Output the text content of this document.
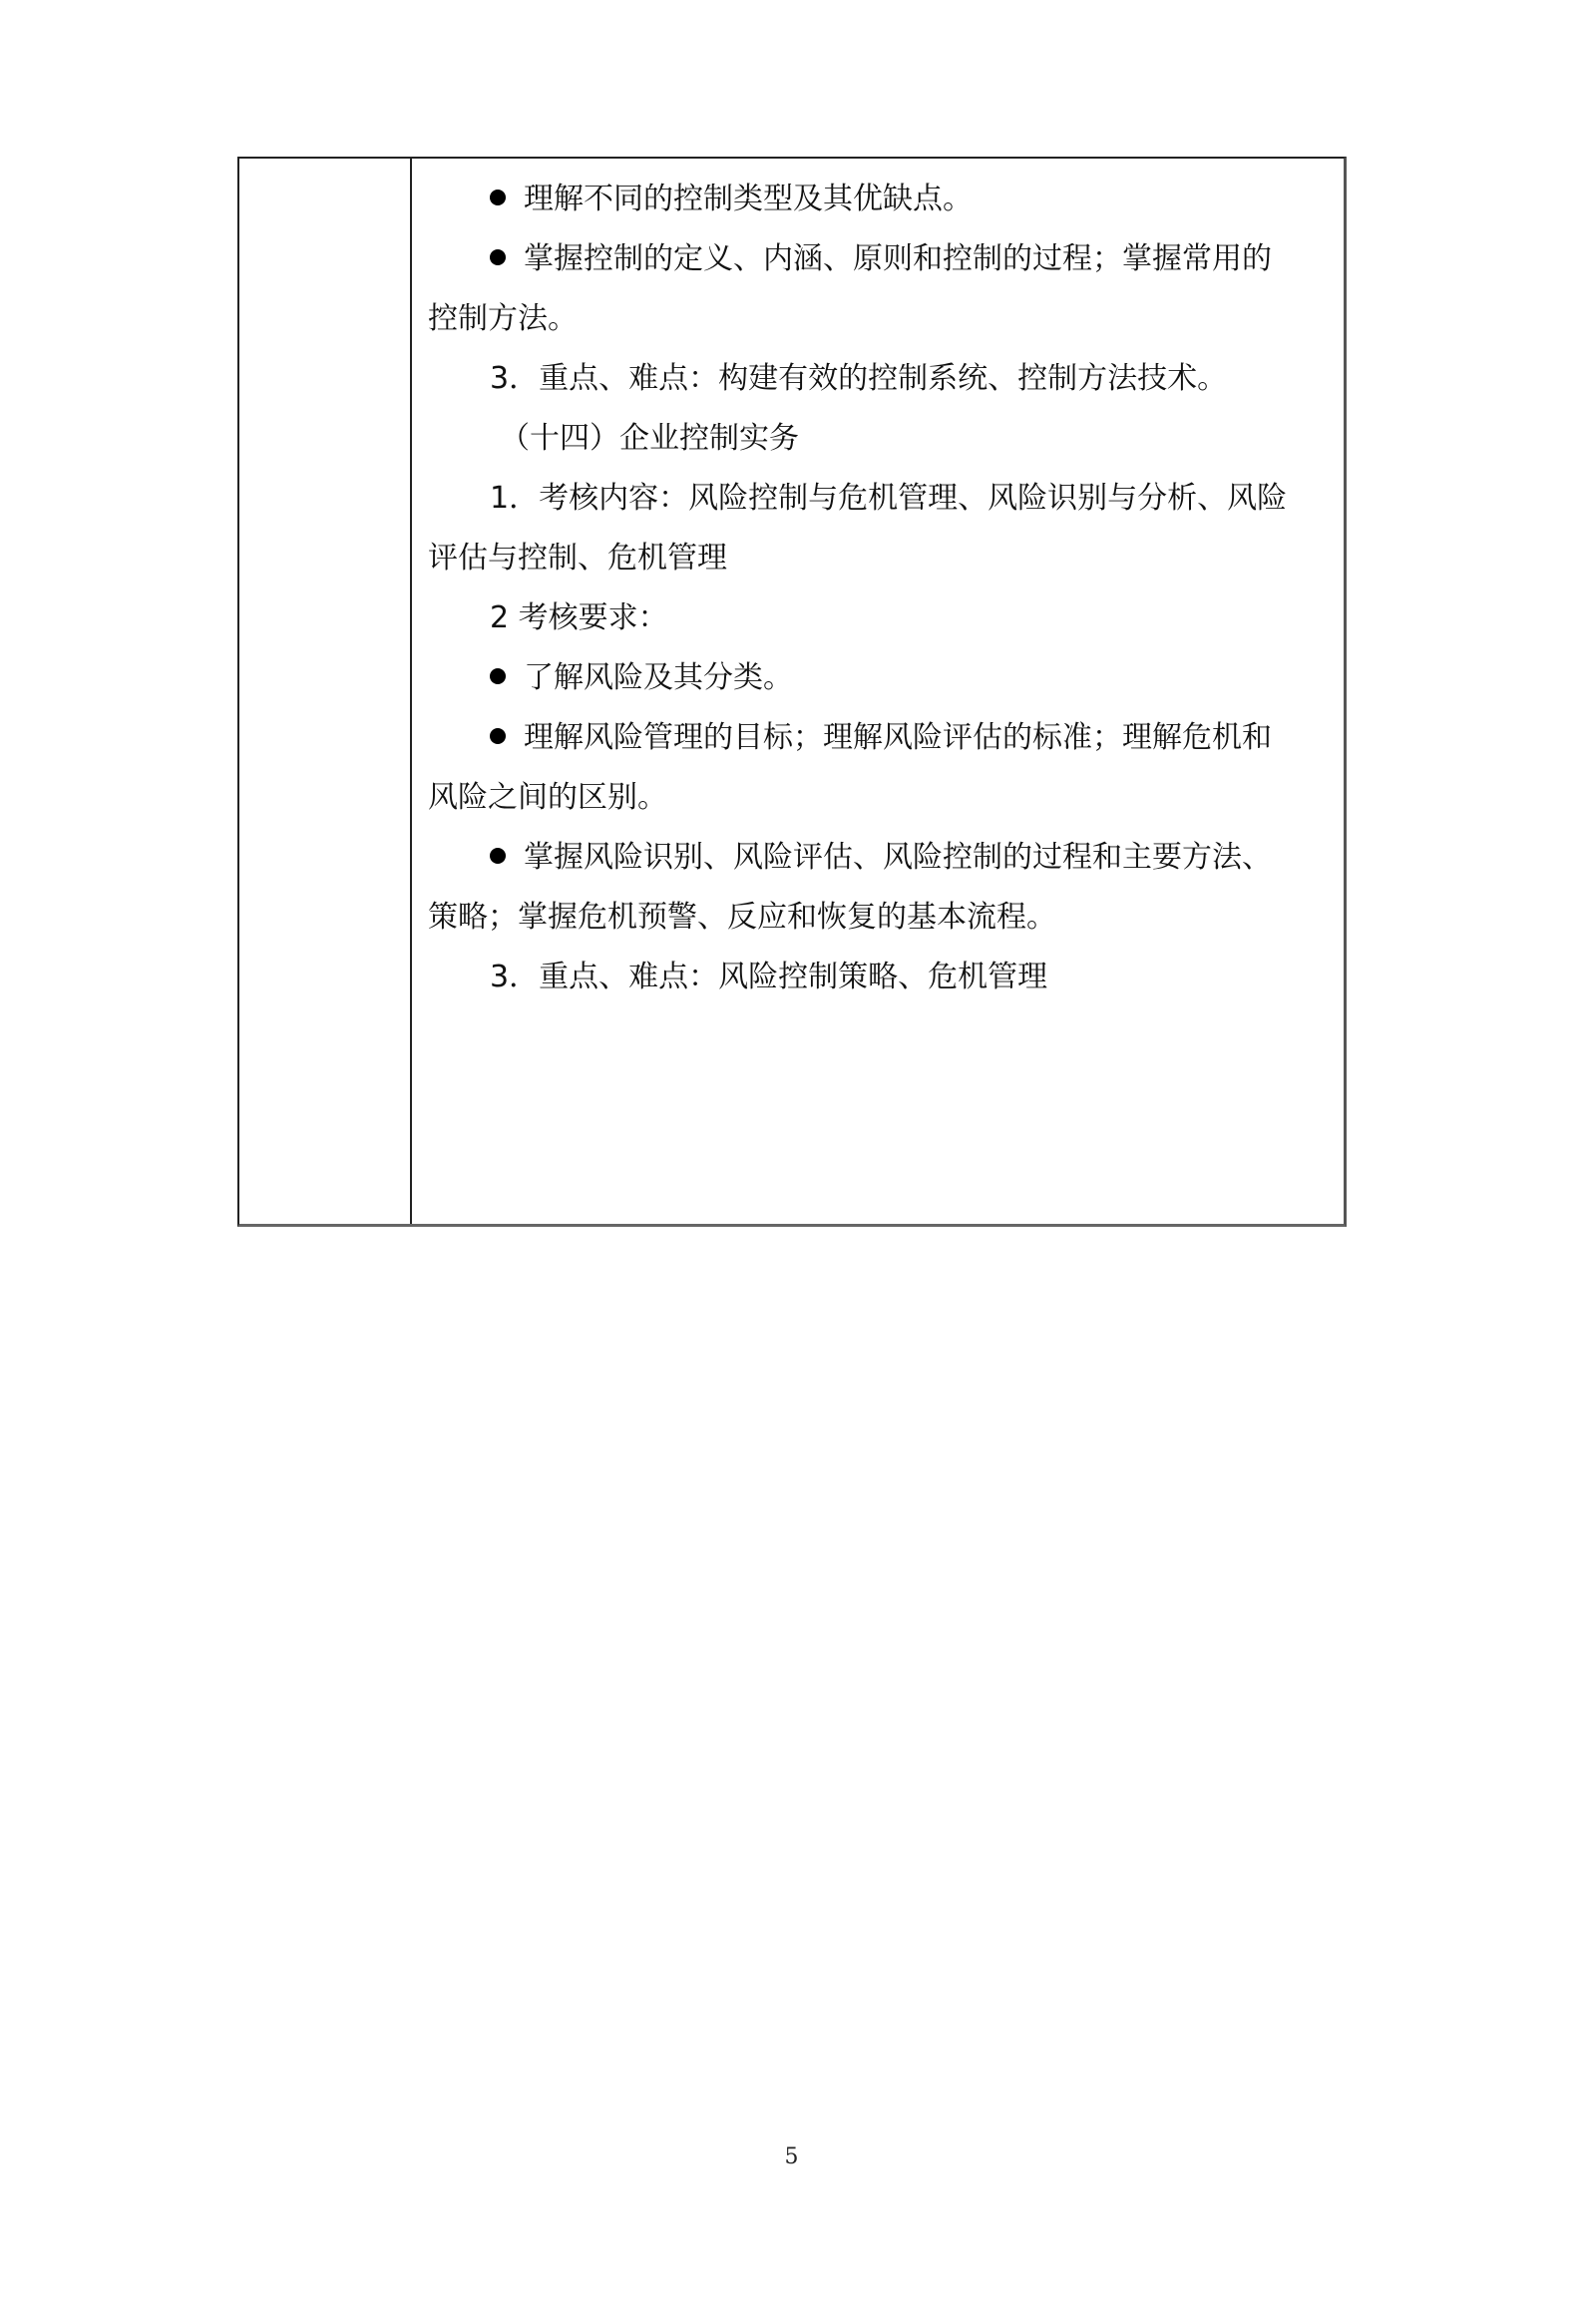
理解不同的控制类型及其优缺点。

掌握控制的定义、内涵、原则和控制的过程；掌握常用的

控制方法。

3．重点、难点：构建有效的控制系统、控制方法技术。

（十四）企业控制实务

1．考核内容：风险控制与危机管理、风险识别与分析、风险

评估与控制、危机管理

2 考核要求：

了解风险及其分类。

理解风险管理的目标；理解风险评估的标准；理解危机和

风险之间的区别。

掌握风险识别、风险评估、风险控制的过程和主要方法、

策略；掌握危机预警、反应和恢复的基本流程。

3．重点、难点：风险控制策略、危机管理

5
